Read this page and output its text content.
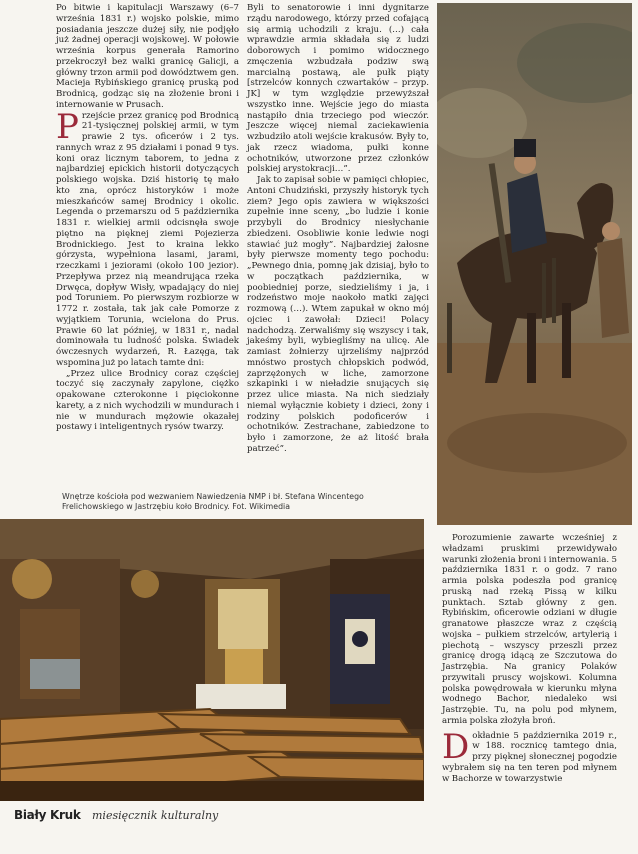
Po bitwie i kapitulacji Warszawy (6–7 września 1831 r.) wojsko polskie, mimo posiadania jeszcze dużej siły, nie podjęło już żadnej operacji wojskowej. W połowie września korpus generała Ramorino przekroczył bez walki granicę Galicji, a główny trzon armii pod dowództwem gen. Macieja Rybińskiego granicę pruską pod Brodnicą, godząc się na złożenie broni i internowanie w Prusach.

Przejście przez granicę pod Brodnicą 21-tysięcznej polskiej armii, w tym prawie 2 tys. oficerów i 2 tys. rannych wraz z 95 działami i ponad 9 tys. koni oraz licznym taborem, to jedna z najbardziej epickich historii dotyczących polskiego wojska. Dziś historię tę mało kto zna, oprócz historyków i może mieszkańców samej Brodnicy i okolic. Legenda o przemarszu od 5 października 1831 r. wielkiej armii odcisnęła swoje piętno na pięknej ziemi Pojezierza Brodnickiego. Jest to kraina lekko górzysta, wypełniona lasami, jarami, rzeczkami i jeziorami (około 100 jezior). Przepływa przez nią meandrująca rzeka Drwęca, dopływ Wisły, wpadający do niej pod Toruniem. Po pierwszym rozbiorze w 1772 r. została, tak jak całe Pomorze z wyjątkiem Torunia, wcielona do Prus. Prawie 60 lat później, w 1831 r., nadal dominowała tu ludność polska. Świadek ówczesnych wydarzeń, R. Łazęga, tak wspomina już po latach tamte dni:

„Przez ulice Brodnicy coraz częściej toczyć się zaczynały zapylone, ciężko opakowane czterokonne i pięciokonne karety, a z nich wychodzili w mundurach i nie w mundurach mężowie okazałej postawy i inteligentnych rysów twarzy.

Byli to senatorowie i inni dygnitarze rządu narodowego, którzy przed cofającą się armią uchodzili z kraju. (…) cała wprawdzie armia składała się z ludzi doborowych i pomimo widocznego zmęczenia wzbudzała podziw swą marcialną postawą, ale pułk piąty [strzelców konnych czwartaków – przyp. JK] w tym względzie przewyższał wszystko inne. Wejście jego do miasta nastąpiło dnia trzeciego pod wieczór. Jeszcze więcej niemal zaciekawienia wzbudziło atoli wejście krakusów. Były to, jak rzecz wiadoma, pułki konne ochotników, utworzone przez członków polskiej arystokracji…”.

Jak to zapisał sobie w pamięci chłopiec, Antoni Chudziński, przyszły historyk tych ziem? Jego opis zawiera w większości zupełnie inne sceny, „bo ludzie i konie przybyli do Brodnicy niesłychanie zbiedzeni. Osobliwie konie ledwie nogi stawiać już mogły”. Najbardziej żałosne były pierwsze momenty tego pochodu: „Pewnego dnia, pomnę jak dzisiaj, było to w początkach października, w poobiedniej porze, siedzieliśmy i ja, i rodzeństwo moje naokoło matki zajęci rozmową (…). Wtem zapukał w okno mój ojciec i zawołał: Dzieci! Polacy nadchodzą. Zerwaliśmy się wszyscy i tak, jakeśmy byli, wybiegliśmy na ulicę. Ale zamiast żołnierzy ujrzeliśmy najprzód mnóstwo prostych chłopskich podwód, zaprzężonych w liche, zamorzone szkapinki i w nieładzie snujących się przez ulice miasta. Na nich siedziały niemal wyłącznie kobiety i dzieci, żony i rodziny polskich podoficerów i ochotników. Zestrachane, zabiedzone to było i zamorzone, że aż litość brała patrzeć”.

Wnętrze kościoła pod wezwaniem Nawiedzenia NMP i bł. Stefana Wincentego Frelichowskiego w Jastrzębiu koło Brodnicy. Fot. Wikimedia

Porozumienie zawarte wcześniej z władzami pruskimi przewidywało warunki złożenia broni i internowania. 5 października 1831 r. o godz. 7 rano armia polska podeszła pod granicę pruską nad rzeką Pissą w kilku punktach. Sztab główny z gen. Rybińskim, oficerowie odziani w długie granatowe płaszcze wraz z częścią wojska – pułkiem strzelców, artylerią i piechotą – wszyscy przeszli przez granicę drogą idącą ze Szczutowa do Jastrzębia. Na granicy Polaków przywitali pruscy wojskowi. Kolumna polska powędrowała w kierunku młyna wodnego Bachor, niedaleko wsi Jastrzębie. Tu, na polu pod młynem, armia polska złożyła broń.

Dokładnie 5 października 2019 r., w 188. rocznicę tamtego dnia, przy pięknej słonecznej pogodzie wybrałem się na ten teren pod młynem w Bachorze w towarzystwie

Biały Kruk miesięcznik kulturalny
